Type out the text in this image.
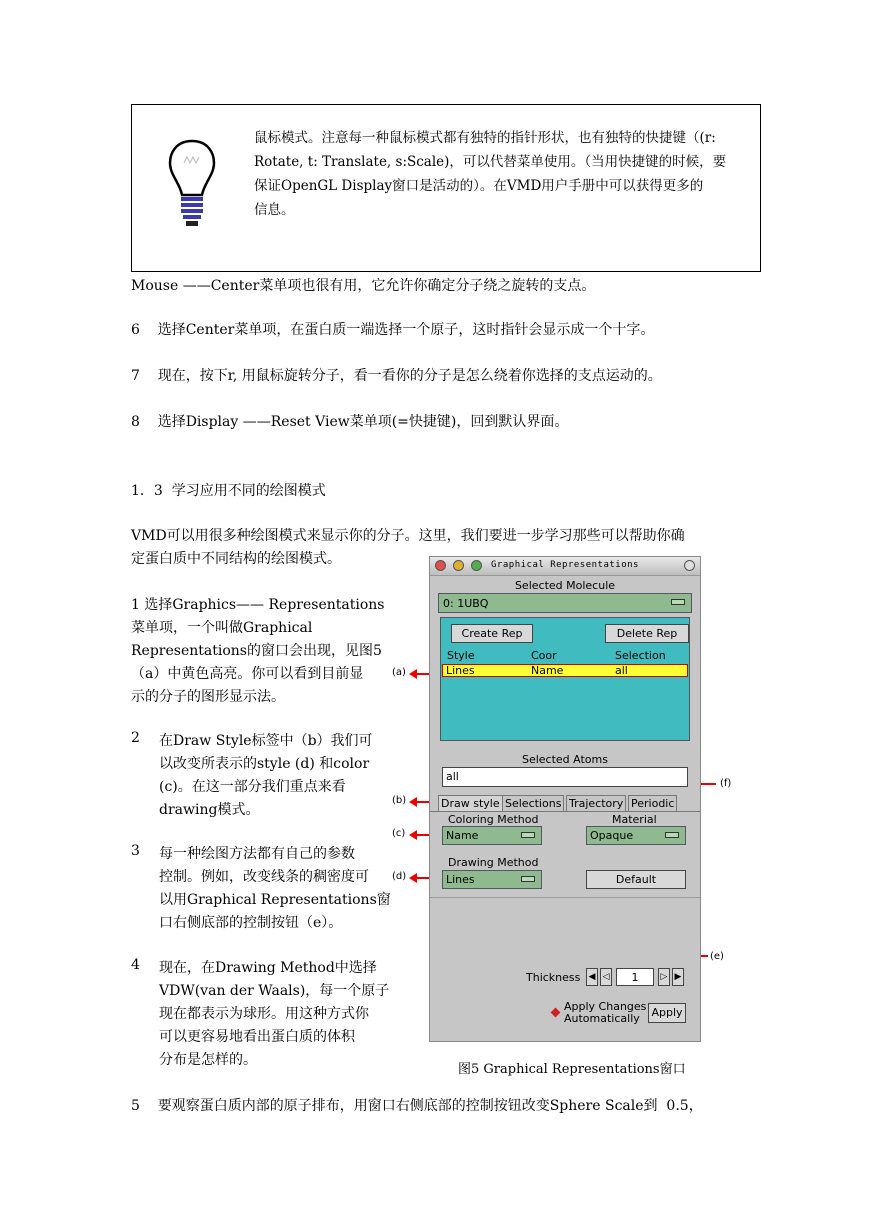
鼠标模式。注意每一种鼠标模式都有独特的指针形状，也有独特的快捷键（(r:
Rotate, t: Translate, s:Scale)，可以代替菜单使用。（当用快捷键的时候，要
保证OpenGL Display窗口是活动的）。在VMD用户手册中可以获得更多的
信息。
Mouse ——Center菜单项也很有用，它允许你确定分子绕之旋转的支点。
6    选择Center菜单项，在蛋白质一端选择一个原子，这时指针会显示成一个十字。
7    现在，按下r, 用鼠标旋转分子，看一看你的分子是怎么绕着你选择的支点运动的。
8    选择Display ——Reset View菜单项(=快捷键)，回到默认界面。
1．3  学习应用不同的绘图模式
VMD可以用很多种绘图模式来显示你的分子。这里，我们要进一步学习那些可以帮助你确
定蛋白质中不同结构的绘图模式。
1 选择Graphics—— Representations
菜单项，一个叫做Graphical
Representations的窗口会出现，见图5
（a）中黄色高亮。你可以看到目前显
示的分子的图形显示法。
2 在Draw Style标签中（b）我们可
以改变所表示的style (d) 和color
(c)。在这一部分我们重点来看
drawing模式。
3 每一种绘图方法都有自己的参数
控制。例如，改变线条的稠密度可
以用Graphical Representations窗
口右侧底部的控制按钮（e）。
4 现在，在Drawing Method中选择
VDW(van der Waals)，每一个原子
现在都表示为球形。用这种方式你
可以更容易地看出蛋白质的体积
分布是怎样的。
5    要观察蛋白质内部的原子排布，用窗口右侧底部的控制按钮改变Sphere Scale到  0.5，
(a)
(b)
(c)
(d)
(f)
(e)
Graphical Representations
Selected Molecule
0: 1UBQ
Create Rep	Delete Rep
Style	Coor	Selection
Lines	Name	all
Selected Atoms
all
Draw style Selections Trajectory Periodic
Coloring Method	Material
Name	Opaque
Drawing Method
Lines	Default
Thickness ◀ ◁	1	▷ ▶
Apply Changes
Automatically	Apply
图5 Graphical Representations窗口
